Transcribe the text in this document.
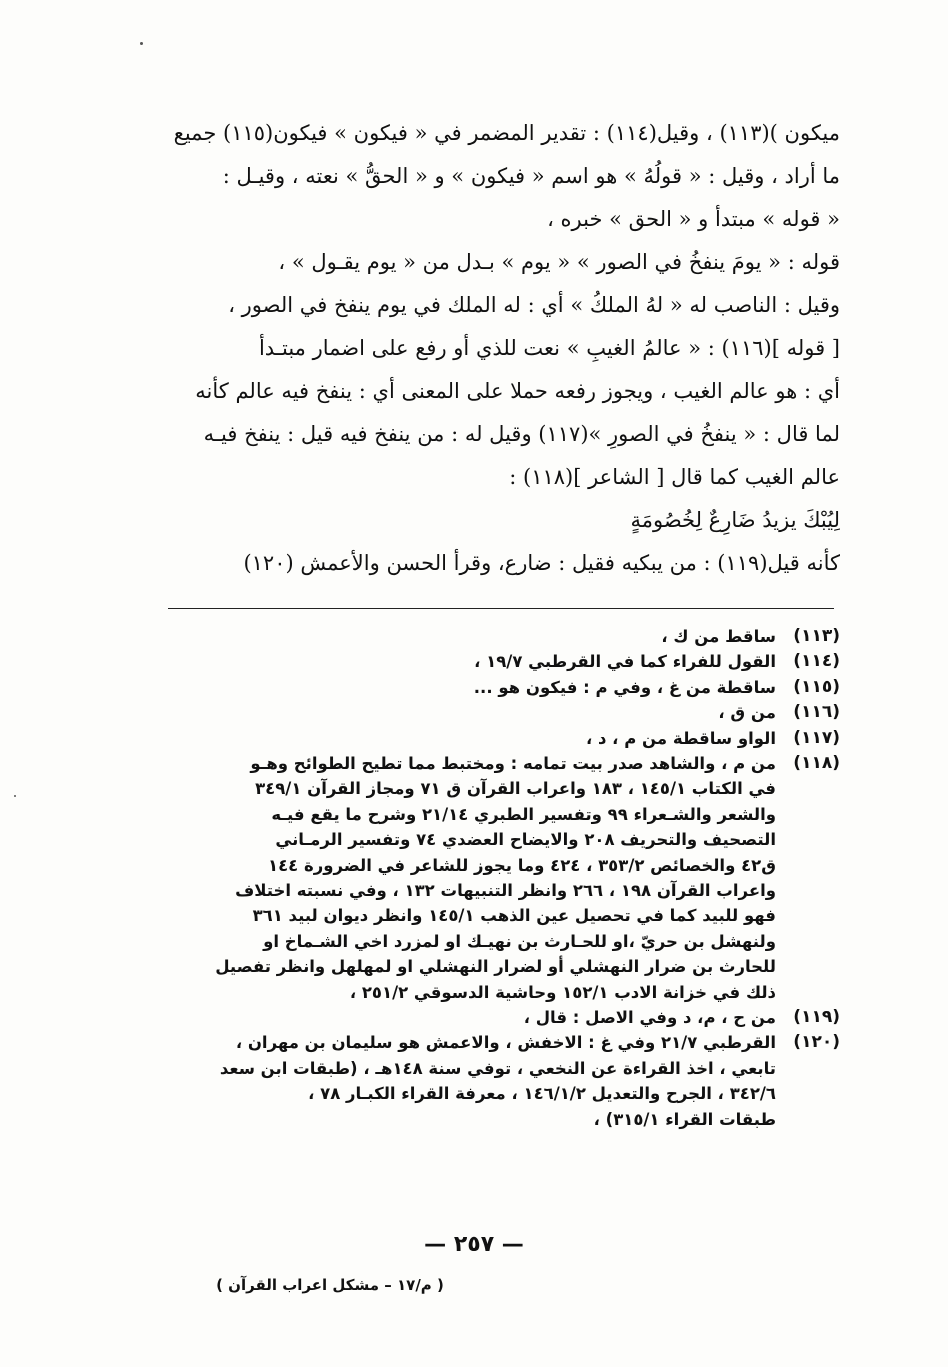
ميكون )(١١٣) ، وقيل(١١٤) : تقدير المضمر في « فيكون » فيكون(١١٥) جميع
ما أراد ، وقيل : « قولُهُ » هو اسم « فيكون » و « الحقُّ » نعته ، وقيـل :
« قوله » مبتدأ و « الحق » خبره ،
قوله : « يومَ ينفخُ في الصور » « يوم » بـدل من « يوم يقـول » ،
وقيل : الناصب له « لهُ الملكُ » أي : له الملك في يوم ينفخ في الصور ،
[ قوله ](١١٦) : « عالمُ الغيبِ » نعت للذي أو رفع على اضمار مبتـدأ
أي : هو عالم الغيب ، ويجوز رفعه حملا على المعنى أي : ينفخ فيه عالم كأنه
لما قال : « ينفخُ في الصورِ »(١١٧) وقيل له : من ينفخ فيه قيل : ينفخ فيـه
عالم الغيب كما قال [ الشاعر ](١١٨) :
لِيُبْكَ يزيدُ ضَارِعٌ لِخُصُومَةٍ
كأنه قيل(١١٩) : من يبكيه فقيل : ضارع، وقرأ الحسن والأعمش (١٢٠)
(١١٣)
ساقط من ك ،
(١١٤)
القول للفراء كما في القرطبي ١٩/٧ ،
(١١٥)
ساقطة من غ ، وفي م : فيكون هو ...
(١١٦)
من ق ،
(١١٧)
الواو ساقطة من م ، د ،
(١١٨)
من م ، والشاهد صدر بيت تمامه : ومختبط مما تطيح الطوائح وهـو
في الكتاب ١٤٥/١ ، ١٨٣ واعراب القرآن ق ٧١ ومجاز القرآن ٣٤٩/١
والشعر والشـعراء ٩٩ وتفسير الطبري ٢١/١٤ وشرح ما يقع فيـه
التصحيف والتحريف ٢٠٨ والايضاح العضدي ٧٤ وتفسير الرمـاني
ق٤٢ والخصائص ٣٥٣/٢ ، ٤٢٤ وما يجوز للشاعر في الضرورة ١٤٤
واعراب القرآن ١٩٨ ، ٢٦٦ وانظر التنبيهات ١٣٢ ، وفي نسبته اختلاف
فهو للبيد كما في تحصيل عين الذهب ١٤٥/١ وانظر ديوان لبيد ٣٦١
ولنهشل بن حريّ ،او للحـارث بن نهيـك او لمزرد اخي الشـماخ او
للحارث بن ضرار النهشلي أو لضرار النهشلي او لمهلهل وانظر تفصيل
ذلك في خزانة الادب ١٥٢/١ وحاشية الدسوقي ٢٥١/٢ ،
(١١٩)
من ح ، م، د وفي الاصل : قال ،
(١٢٠)
القرطبي ٢١/٧ وفي غ : الاخفش ، والاعمش هو سليمان بن مهران ،
تابعي ، اخذ القراءة عن النخعي ، توفي سنة ١٤٨هـ ، (طبقات ابن سعد
٣٤٢/٦ ، الجرح والتعديل ١٤٦/١/٢ ، معرفة القراء الكبـار ٧٨ ،
طبقات القراء ٣١٥/١) ،
— ٢٥٧ —
( م/١٧ – مشكل اعراب القرآن )
